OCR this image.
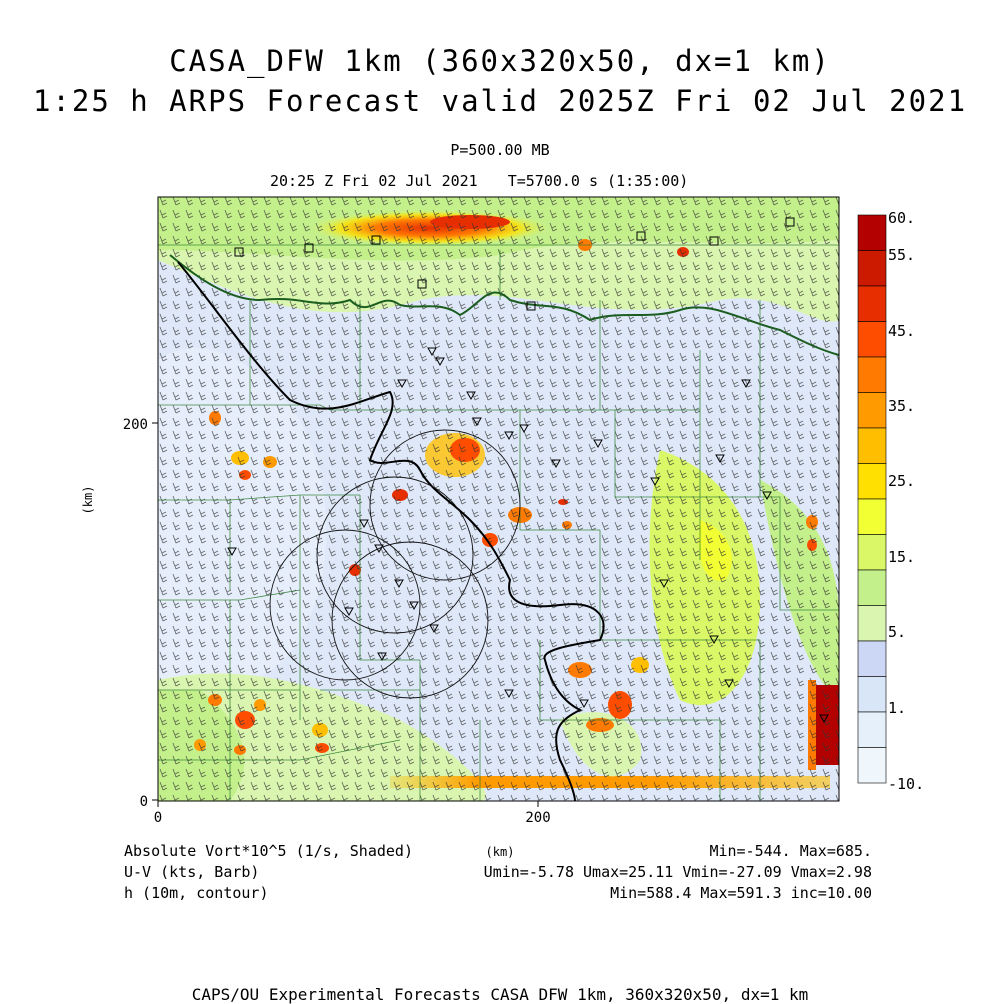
CASA_DFW 1km (360x320x50, dx=1 km)
1:25 h ARPS Forecast valid 2025Z Fri 02 Jul 2021
P=500.00 MB
20:25 Z Fri 02 Jul 2021 T=5700.0 s (1:35:00)
200
0
0	200
(km)
(km)
60.
55.
45.
35.
25.
15.
5.
1.
-10.
Absolute Vort*10^5 (1/s, Shaded)
U-V (kts, Barb)
h (10m, contour)
Min=-544. Max=685.
Umin=-5.78 Umax=25.11 Vmin=-27.09 Vmax=2.98
Min=588.4 Max=591.3 inc=10.00
CAPS/OU Experimental Forecasts CASA DFW 1km, 360x320x50, dx=1 km
